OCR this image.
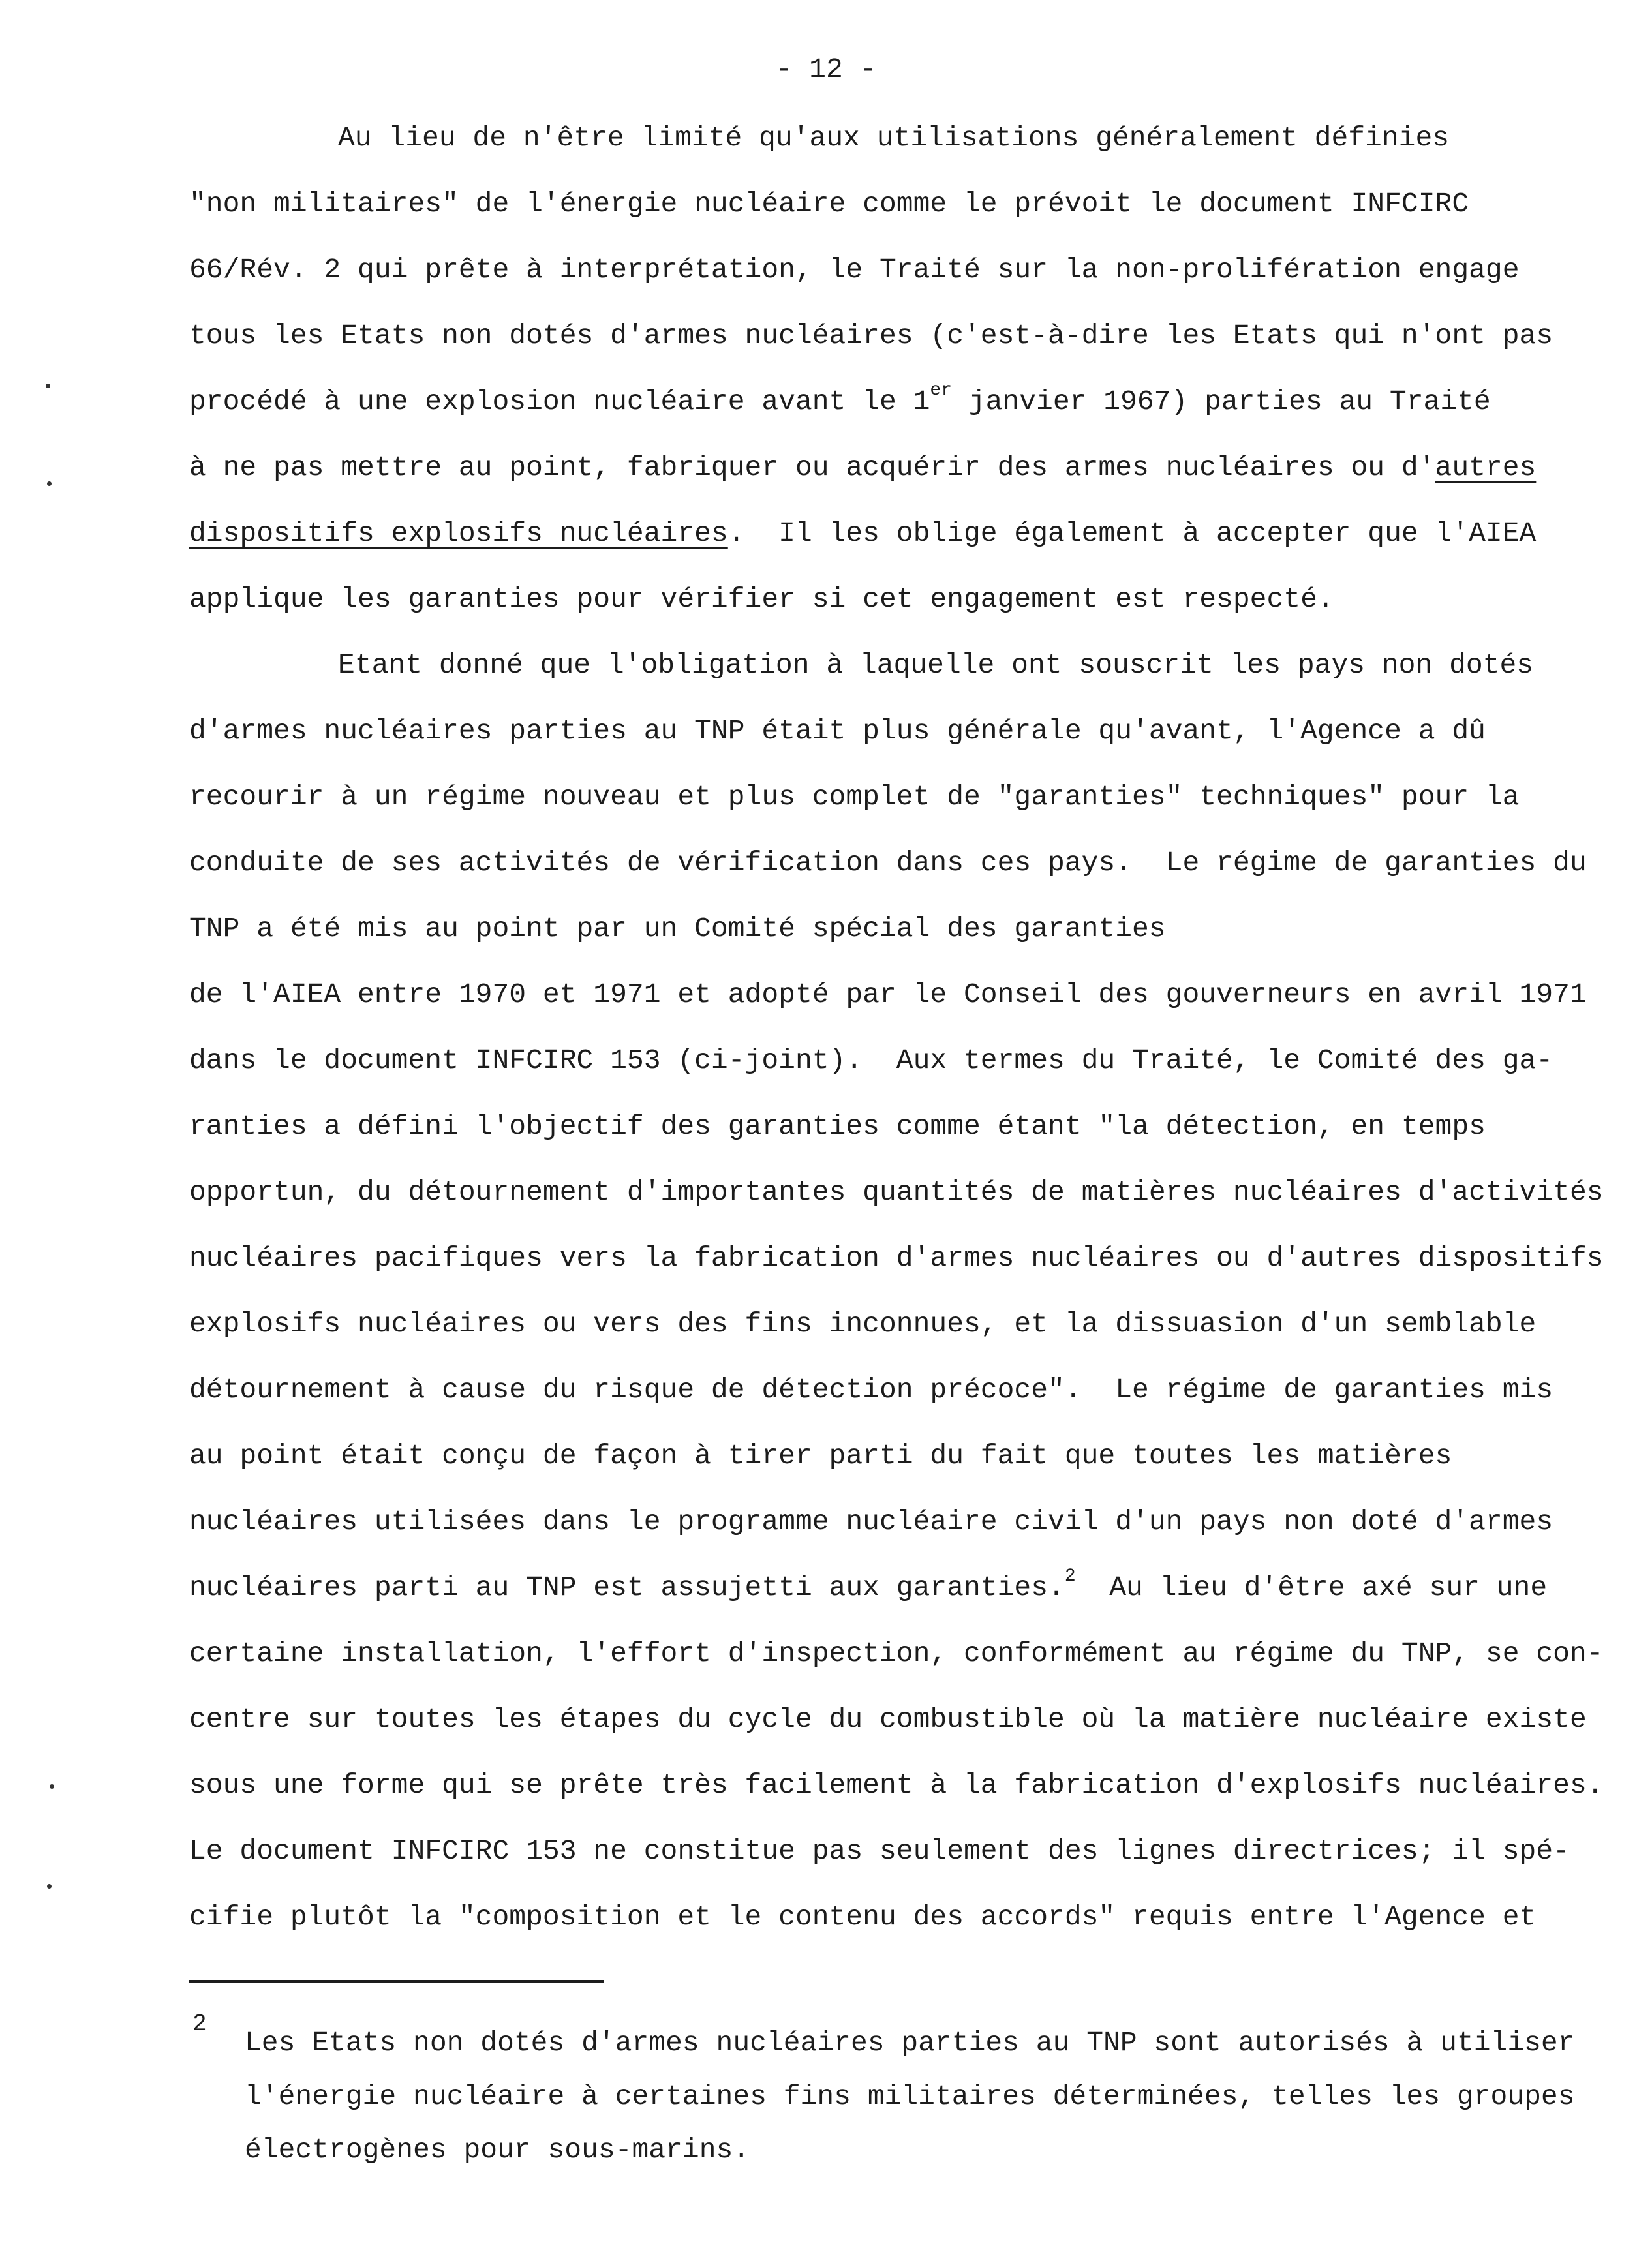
- 12 -
Au lieu de n'être limité qu'aux utilisations généralement définies
"non militaires" de l'énergie nucléaire comme le prévoit le document INFCIRC
66/Rév. 2 qui prête à interprétation, le Traité sur la non-prolifération engage
tous les Etats non dotés d'armes nucléaires (c'est-à-dire les Etats qui n'ont pas
procédé à une explosion nucléaire avant le 1er janvier 1967) parties au Traité
à ne pas mettre au point, fabriquer ou acquérir des armes nucléaires ou d'autres
dispositifs explosifs nucléaires.  Il les oblige également à accepter que l'AIEA
applique les garanties pour vérifier si cet engagement est respecté.
Etant donné que l'obligation à laquelle ont souscrit les pays non dotés
d'armes nucléaires parties au TNP était plus générale qu'avant, l'Agence a dû
recourir à un régime nouveau et plus complet de "garanties" techniques" pour la
conduite de ses activités de vérification dans ces pays.  Le régime de garanties du
TNP a été mis au point par un Comité spécial des garanties
de l'AIEA entre 1970 et 1971 et adopté par le Conseil des gouverneurs en avril 1971
dans le document INFCIRC 153 (ci-joint).  Aux termes du Traité, le Comité des ga-
ranties a défini l'objectif des garanties comme étant "la détection, en temps
opportun, du détournement d'importantes quantités de matières nucléaires d'activités
nucléaires pacifiques vers la fabrication d'armes nucléaires ou d'autres dispositifs
explosifs nucléaires ou vers des fins inconnues, et la dissuasion d'un semblable
détournement à cause du risque de détection précoce".  Le régime de garanties mis
au point était conçu de façon à tirer parti du fait que toutes les matières
nucléaires utilisées dans le programme nucléaire civil d'un pays non doté d'armes
nucléaires parti au TNP est assujetti aux garanties.$^2$  Au lieu d'être axé sur une
certaine installation, l'effort d'inspection, conformément au régime du TNP, se con-
centre sur toutes les étapes du cycle du combustible où la matière nucléaire existe
sous une forme qui se prête très facilement à la fabrication d'explosifs nucléaires.
Le document INFCIRC 153 ne constitue pas seulement des lignes directrices; il spé-
cifie plutôt la "composition et le contenu des accords" requis entre l'Agence et
2
Les Etats non dotés d'armes nucléaires parties au TNP sont autorisés à utiliser
l'énergie nucléaire à certaines fins militaires déterminées, telles les groupes
électrogènes pour sous-marins.
